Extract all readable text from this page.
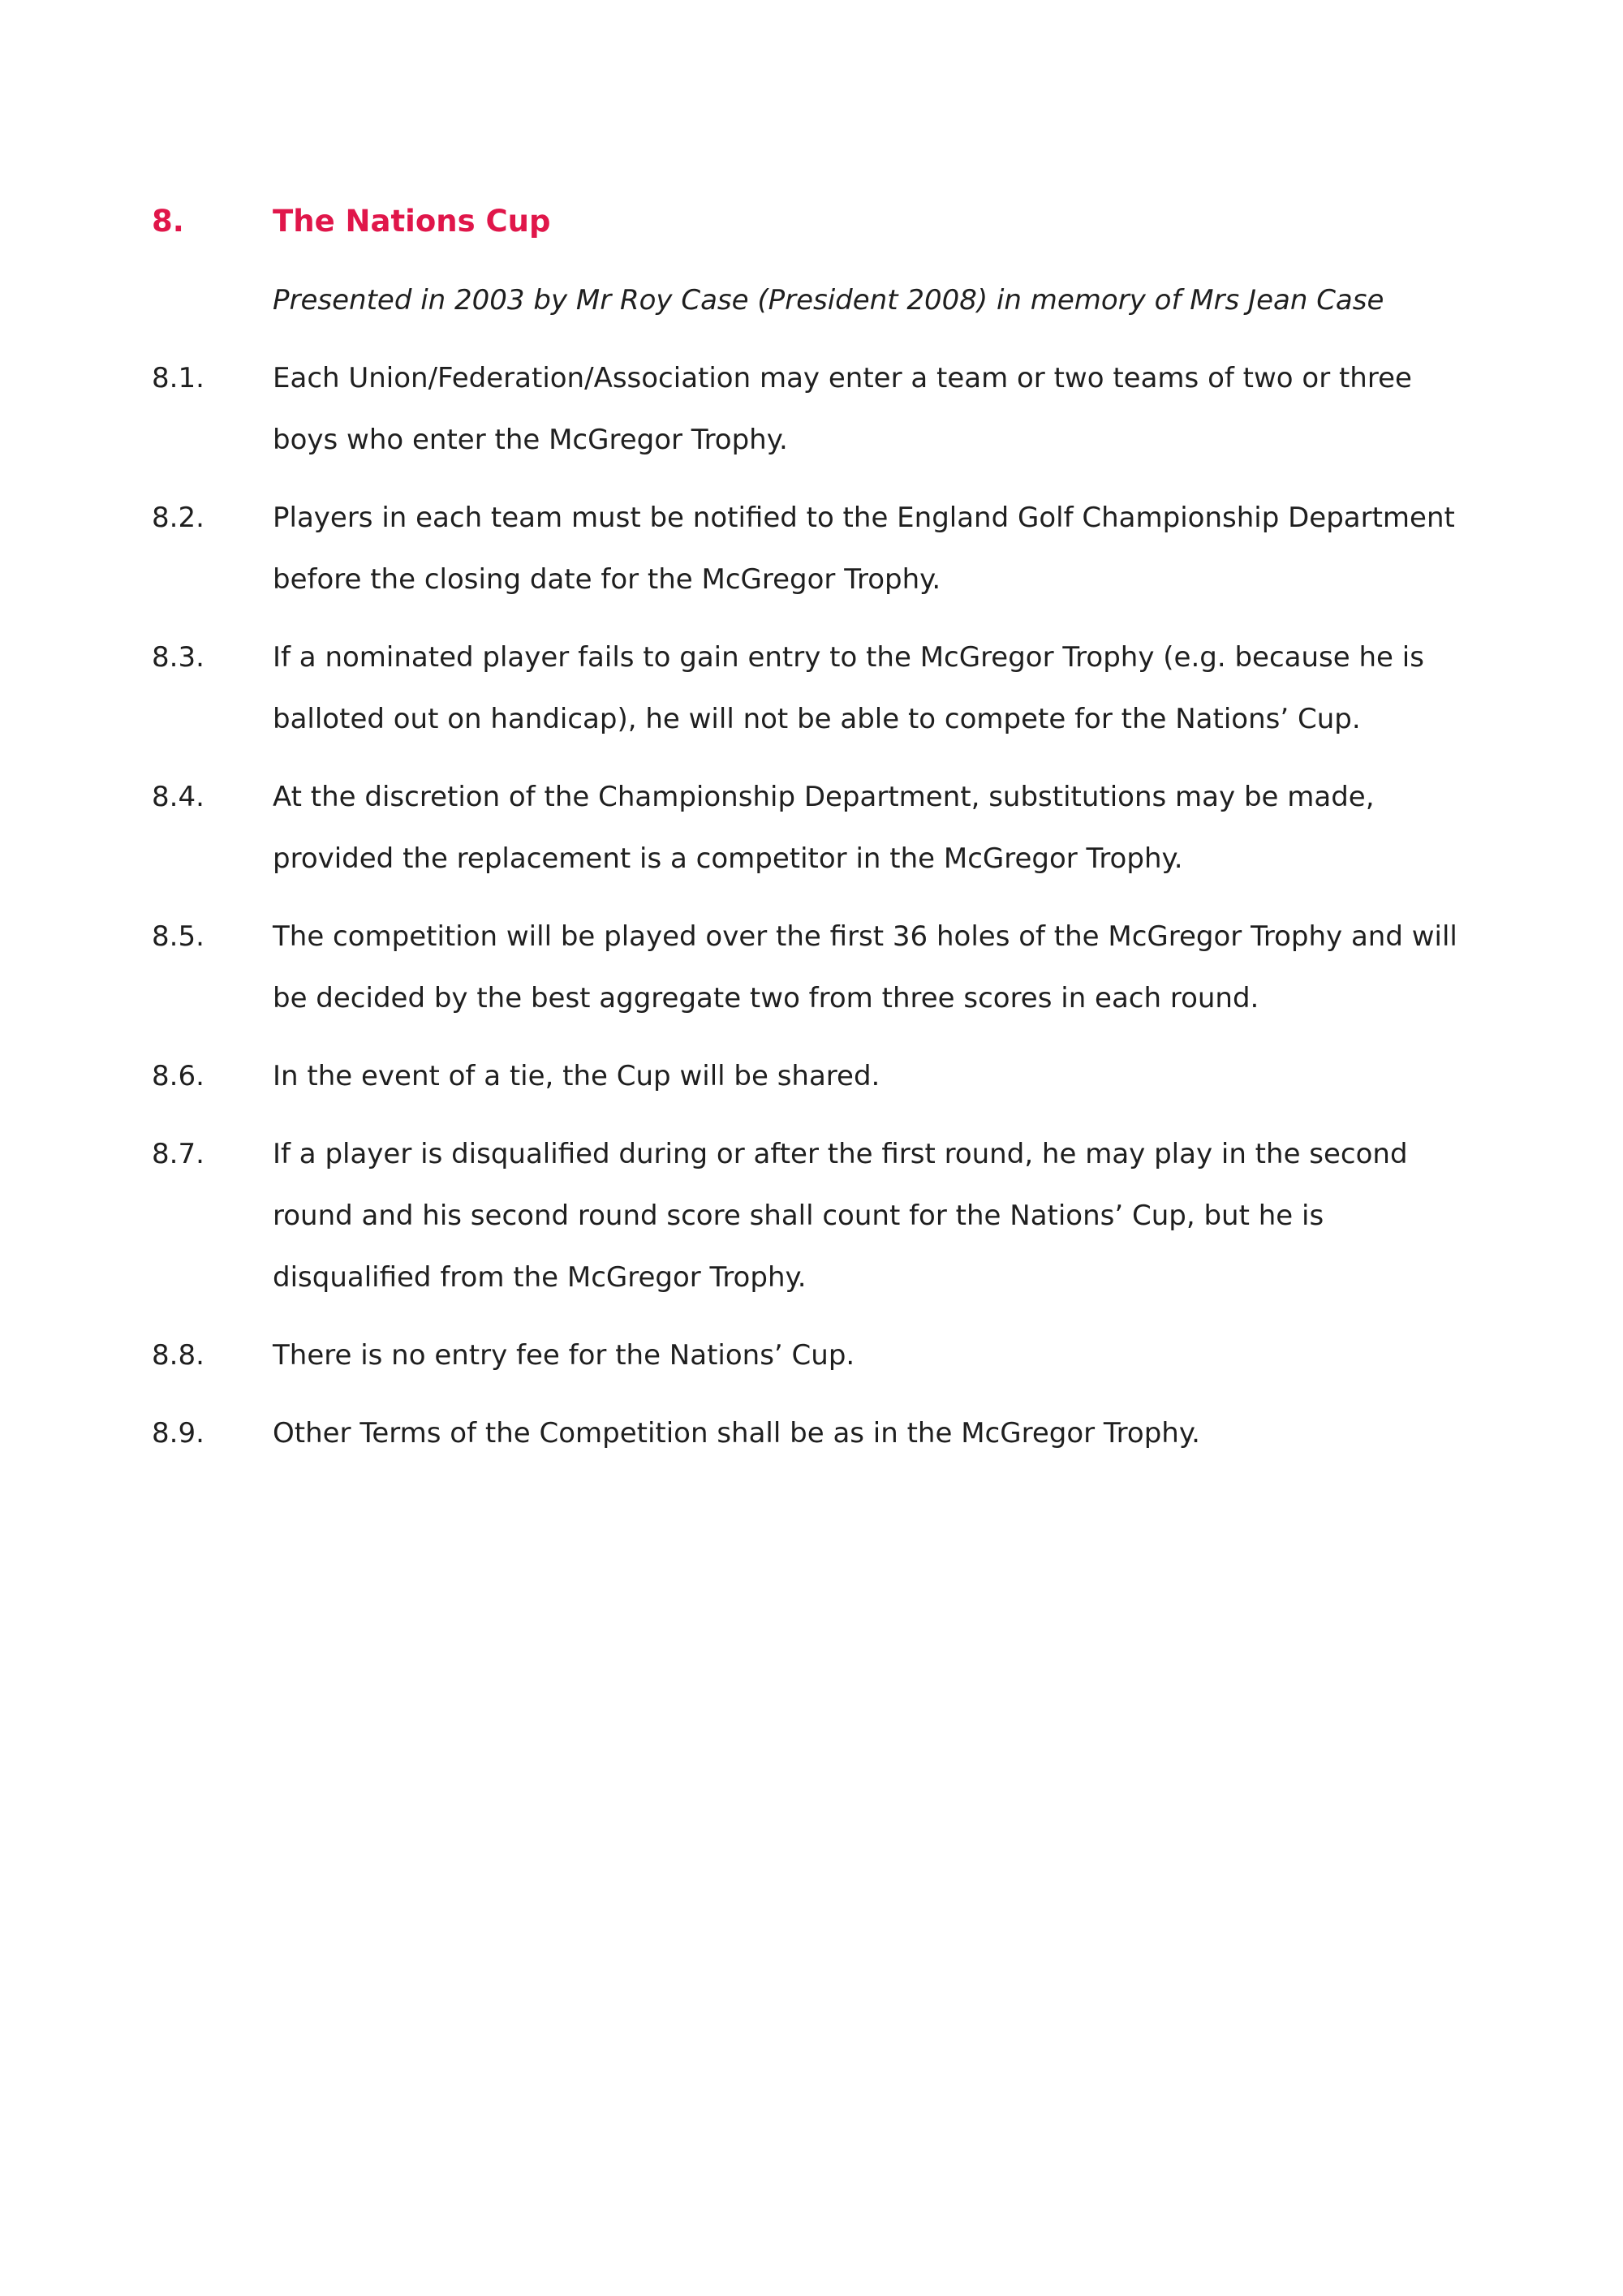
8.	The Nations Cup

Presented in 2003 by Mr Roy Case (President 2008) in memory of Mrs Jean Case

8.1.	Each Union/Federation/Association may enter a team or two teams of two or three boys who enter the McGregor Trophy.

8.2.	Players in each team must be notified to the England Golf Championship Department before the closing date for the McGregor Trophy.

8.3.	If a nominated player fails to gain entry to the McGregor Trophy (e.g. because he is balloted out on handicap), he will not be able to compete for the Nations’ Cup.

8.4.	At the discretion of the Championship Department, substitutions may be made, provided the replacement is a competitor in the McGregor Trophy.

8.5.	The competition will be played over the first 36 holes of the McGregor Trophy and will be decided by the best aggregate two from three scores in each round.

8.6.	In the event of a tie, the Cup will be shared.

8.7.	If a player is disqualified during or after the first round, he may play in the second round and his second round score shall count for the Nations’ Cup, but he is disqualified from the McGregor Trophy.

8.8.	There is no entry fee for the Nations’ Cup.

8.9.	Other Terms of the Competition shall be as in the McGregor Trophy.
